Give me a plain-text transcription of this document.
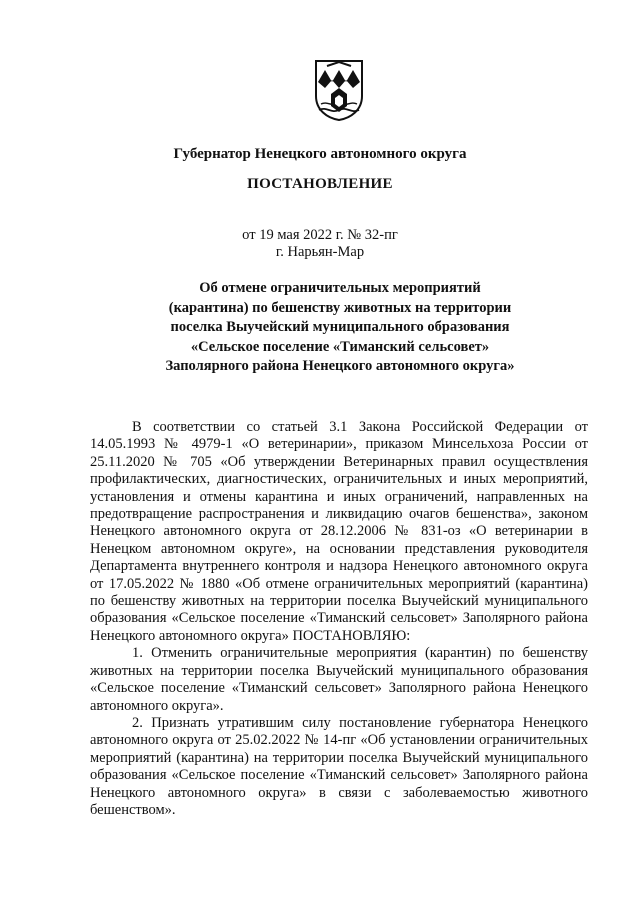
Губернатор Ненецкого автономного округа
ПОСТАНОВЛЕНИЕ
от 19 мая 2022 г. № 32-пг
г. Нарьян-Мар
Об отмене ограничительных мероприятий
(карантина) по бешенству животных на территории
поселка Выучейский муниципального образования
«Сельское поселение «Тиманский сельсовет»
Заполярного района Ненецкого автономного округа»

В соответствии со статьей 3.1 Закона Российской Федерации от 14.05.1993 № 4979-1 «О ветеринарии», приказом Минсельхоза России от 25.11.2020 № 705 «Об утверждении Ветеринарных правил осуществления профилактических, диагностических, ограничительных и иных мероприятий, установления и отмены карантина и иных ограничений, направленных на предотвращение распространения и ликвидацию очагов бешенства», законом Ненецкого автономного округа от 28.12.2006 № 831-оз «О ветеринарии в Ненецком автономном округе», на основании представления руководителя Департамента внутреннего контроля и надзора Ненецкого автономного округа от 17.05.2022 № 1880 «Об отмене ограничительных мероприятий (карантина) по бешенству животных на территории поселка Выучейский муниципального образования «Сельское поселение «Тиманский сельсовет» Заполярного района Ненецкого автономного округа» ПОСТАНОВЛЯЮ:

1. Отменить ограничительные мероприятия (карантин) по бешенству животных на территории поселка Выучейский муниципального образования «Сельское поселение «Тиманский сельсовет» Заполярного района Ненецкого автономного округа».

2. Признать утратившим силу постановление губернатора Ненецкого автономного округа от 25.02.2022 № 14-пг «Об установлении ограничительных мероприятий (карантина) на территории поселка Выучейский муниципального образования «Сельское поселение «Тиманский сельсовет» Заполярного района Ненецкого автономного округа» в связи с заболеваемостью животного бешенством».
